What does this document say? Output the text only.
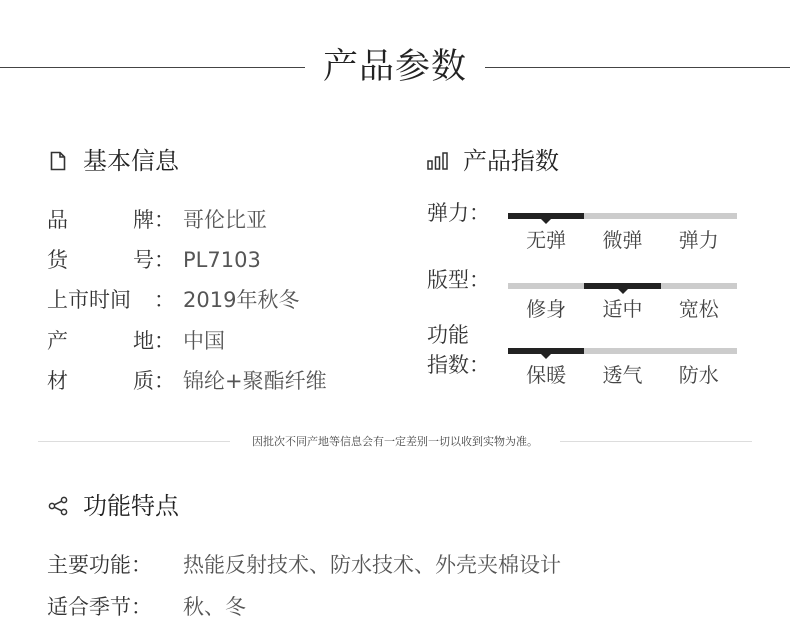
产品参数
基本信息
品	牌： 哥伦比亚
货	号： PL7103
上市时间 ： 2019年秋冬
产	地： 中国
材	质： 锦纶+聚酯纤维
产品指数
弹力：
无弹	微弹	弹力
版型：
修身	适中	宽松
功能
指数：	保暖	透气	防水
因批次不同产地等信息会有一定差别一切以收到实物为准。
功能特点
主要功能：	热能反射技术、防水技术、外壳夹棉设计
适合季节：	秋、冬
